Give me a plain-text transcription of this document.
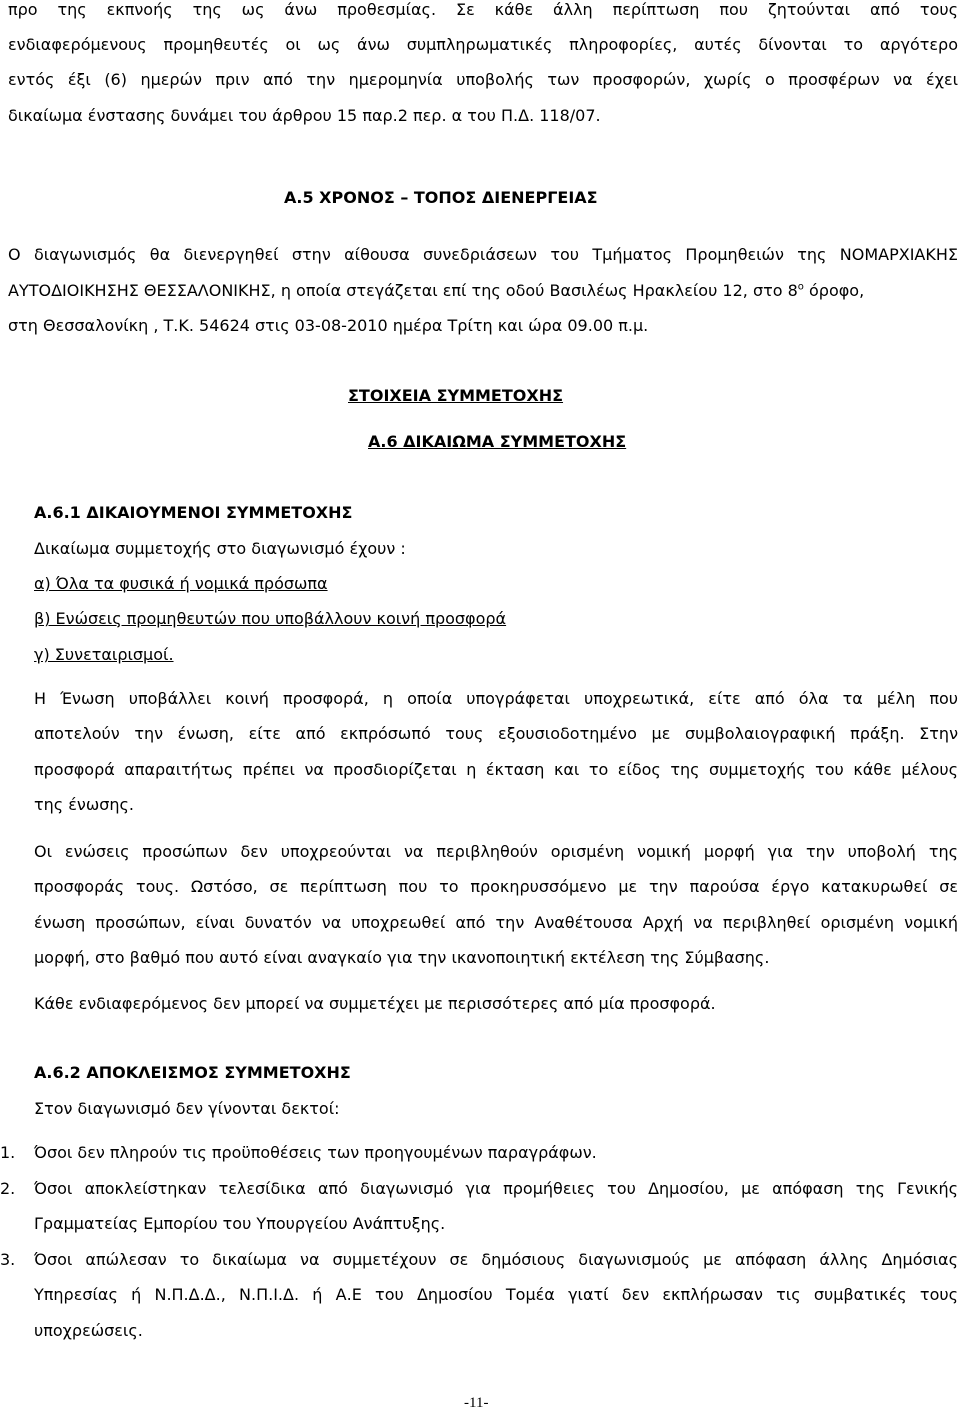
προ της εκπνοής της ως άνω προθεσμίας. Σε κάθε άλλη περίπτωση που ζητούνται από τους

ενδιαφερόμενους προμηθευτές οι ως άνω συμπληρωματικές πληροφορίες, αυτές δίνονται το αργότερο

εντός έξι (6) ημερών πριν από την ημερομηνία υποβολής των προσφορών, χωρίς ο προσφέρων να έχει

δικαίωμα ένστασης δυνάμει του άρθρου 15 παρ.2 περ. α του Π.Δ. 118/07.

Α.5 ΧΡΟΝΟΣ – ΤΟΠΟΣ ΔΙΕΝΕΡΓΕΙΑΣ

Ο διαγωνισμός θα διενεργηθεί στην αίθουσα συνεδριάσεων του Τμήματος Προμηθειών της ΝΟΜΑΡΧΙΑΚΗΣ

ΑΥΤΟΔΙΟΙΚΗΣΗΣ ΘΕΣΣΑΛΟΝΙΚΗΣ, η οποία στεγάζεται επί της οδού Βασιλέως Ηρακλείου 12, στο $8^o$ όροφο,

στη Θεσσαλονίκη , Τ.Κ. 54624 στις 03-08-2010 ημέρα Τρίτη και ώρα 09.00 π.μ.

ΣΤΟΙΧΕΙΑ ΣΥΜΜΕΤΟΧΗΣ

Α.6 ΔΙΚΑΙΩΜΑ ΣΥΜΜΕΤΟΧΗΣ

Α.6.1 ΔΙΚΑΙΟΥΜΕΝΟΙ ΣΥΜΜΕΤΟΧΗΣ

Δικαίωμα συμμετοχής στο διαγωνισμό έχουν :

α) Όλα τα φυσικά ή νομικά πρόσωπα

β) Ενώσεις προμηθευτών που υποβάλλουν κοινή προσφορά

γ) Συνεταιρισμοί.

Η Ένωση υποβάλλει κοινή προσφορά, η οποία υπογράφεται υποχρεωτικά, είτε από όλα τα μέλη που

αποτελούν την ένωση, είτε από εκπρόσωπό τους εξουσιοδοτημένο με συμβολαιογραφική πράξη. Στην

προσφορά απαραιτήτως πρέπει να προσδιορίζεται η έκταση και το είδος της συμμετοχής του κάθε μέλους

της ένωσης.

Οι ενώσεις προσώπων δεν υποχρεούνται να περιβληθούν ορισμένη νομική μορφή για την υποβολή της

προσφοράς τους. Ωστόσο, σε περίπτωση που το προκηρυσσόμενο με την παρούσα έργο κατακυρωθεί σε

ένωση προσώπων, είναι δυνατόν να υποχρεωθεί από την Αναθέτουσα Αρχή να περιβληθεί ορισμένη νομική

μορφή, στο βαθμό που αυτό είναι αναγκαίο για την ικανοποιητική εκτέλεση της Σύμβασης.

Κάθε ενδιαφερόμενος δεν μπορεί να συμμετέχει με περισσότερες από μία προσφορά.

Α.6.2 ΑΠΟΚΛΕΙΣΜΟΣ ΣΥΜΜΕΤΟΧΗΣ

Στον διαγωνισμό δεν γίνονται δεκτοί:

1. Όσοι δεν πληρούν τις προϋποθέσεις των προηγουμένων παραγράφων.

2. Όσοι αποκλείστηκαν τελεσίδικα από διαγωνισμό για προμήθειες του Δημοσίου, με απόφαση της Γενικής

Γραμματείας Εμπορίου του Υπουργείου Ανάπτυξης.

3. Όσοι απώλεσαν το δικαίωμα να συμμετέχουν σε δημόσιους διαγωνισμούς με απόφαση άλλης Δημόσιας

Υπηρεσίας ή Ν.Π.Δ.Δ., Ν.Π.Ι.Δ. ή Α.Ε του Δημοσίου Τομέα γιατί δεν εκπλήρωσαν τις συμβατικές τους

υποχρεώσεις.

-11-
